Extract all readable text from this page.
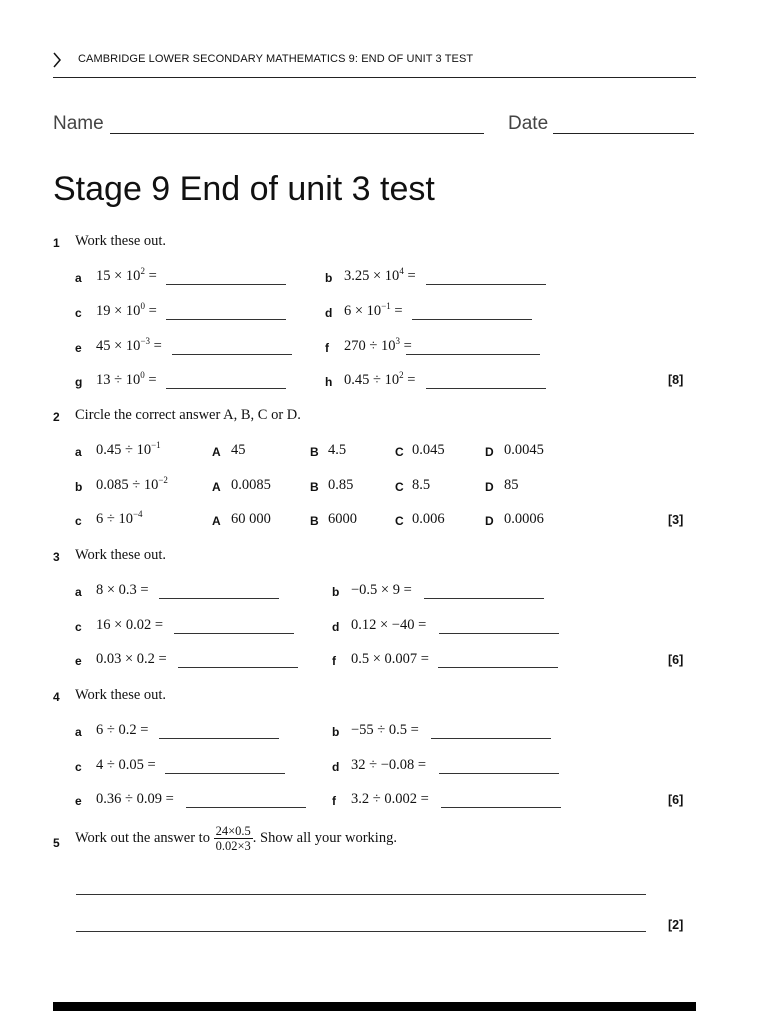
CAMBRIDGE LOWER SECONDARY MATHEMATICS 9: END OF UNIT 3 TEST
Name	Date
Stage 9 End of unit 3 test
1 Work these out.
a $15 \times 10^2$ =	b $3.25 \times 10^4$ =
c $19 \times 10^0$ =	d $6 \times 10^{-1}$ =
e $45 \times 10^{-3}$ =	f $270 \div 10^3$ =
g $13 \div 10^0$ =	h $0.45 \div 10^2$ =	[8]
2 Circle the correct answer A, B, C or D.
a $0.45 \div 10^{-1}$	A 45	B 4.5	C 0.045	D 0.0045
b $0.085 \div 10^{-2}$	A 0.0085	B 0.85	C 8.5	D 85
c $6 \div 10^{-4}$	A 60 000	B 6000	C 0.006	D 0.0006	[3]
3 Work these out.
a 8 × 0.3 =	b −0.5 × 9 =
c 16 × 0.02 =	d 0.12 × −40 =
e 0.03 × 0.2 =	f 0.5 × 0.007 =	[6]
4 Work these out.
a 6 ÷ 0.2 =	b −55 ÷ 0.5 =
c 4 ÷ 0.05 =	d 32 ÷ −0.08 =
e 0.36 ÷ 0.09 =	f 3.2 ÷ 0.002 =	[6]
5 Work out the answer to $\frac{24\times 0.5}{0.02\times 3}$ . Show all your working.
[2]
